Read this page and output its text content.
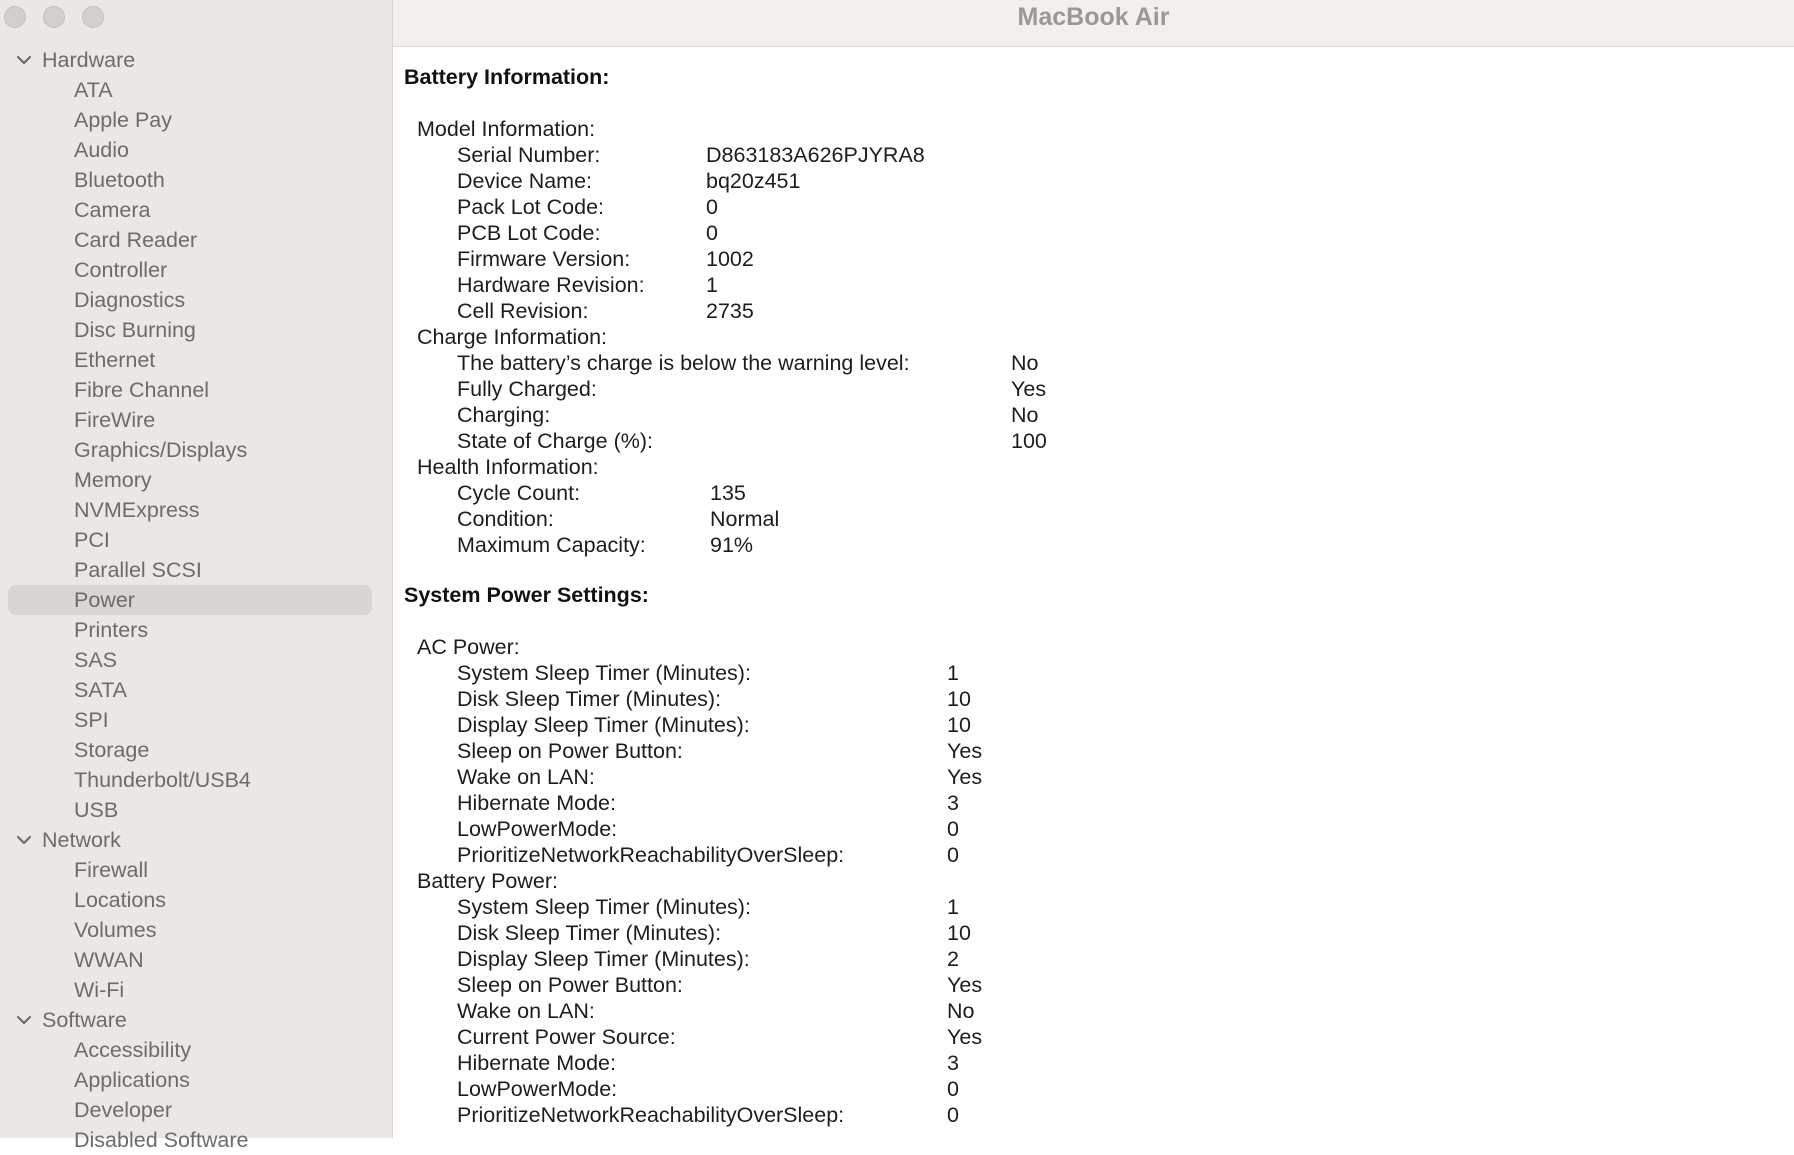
Hardware
ATA
Apple Pay
Audio
Bluetooth
Camera
Card Reader
Controller
Diagnostics
Disc Burning
Ethernet
Fibre Channel
FireWire
Graphics/Displays
Memory
NVMExpress
PCI
Parallel SCSI
Power
Printers
SAS
SATA
SPI
Storage
Thunderbolt/USB4
USB
Network
Firewall
Locations
Volumes
WWAN
Wi-Fi
Software
Accessibility
Applications
Developer
Disabled Software
MacBook Air
Battery Information:
Model Information:
Serial Number:	D863183A626PJYRA8
Device Name:	bq20z451
Pack Lot Code:	0
PCB Lot Code:	0
Firmware Version:	1002
Hardware Revision:	1
Cell Revision:	2735
Charge Information:
The battery’s charge is below the warning level:	No
Fully Charged:	Yes
Charging:	No
State of Charge (%):	100
Health Information:
Cycle Count:	135
Condition:	Normal
Maximum Capacity:	91%
System Power Settings:
AC Power:
System Sleep Timer (Minutes):	1
Disk Sleep Timer (Minutes):	10
Display Sleep Timer (Minutes):	10
Sleep on Power Button:	Yes
Wake on LAN:	Yes
Hibernate Mode:	3
LowPowerMode:	0
PrioritizeNetworkReachabilityOverSleep:	0
Battery Power:
System Sleep Timer (Minutes):	1
Disk Sleep Timer (Minutes):	10
Display Sleep Timer (Minutes):	2
Sleep on Power Button:	Yes
Wake on LAN:	No
Current Power Source:	Yes
Hibernate Mode:	3
LowPowerMode:	0
PrioritizeNetworkReachabilityOverSleep:	0
